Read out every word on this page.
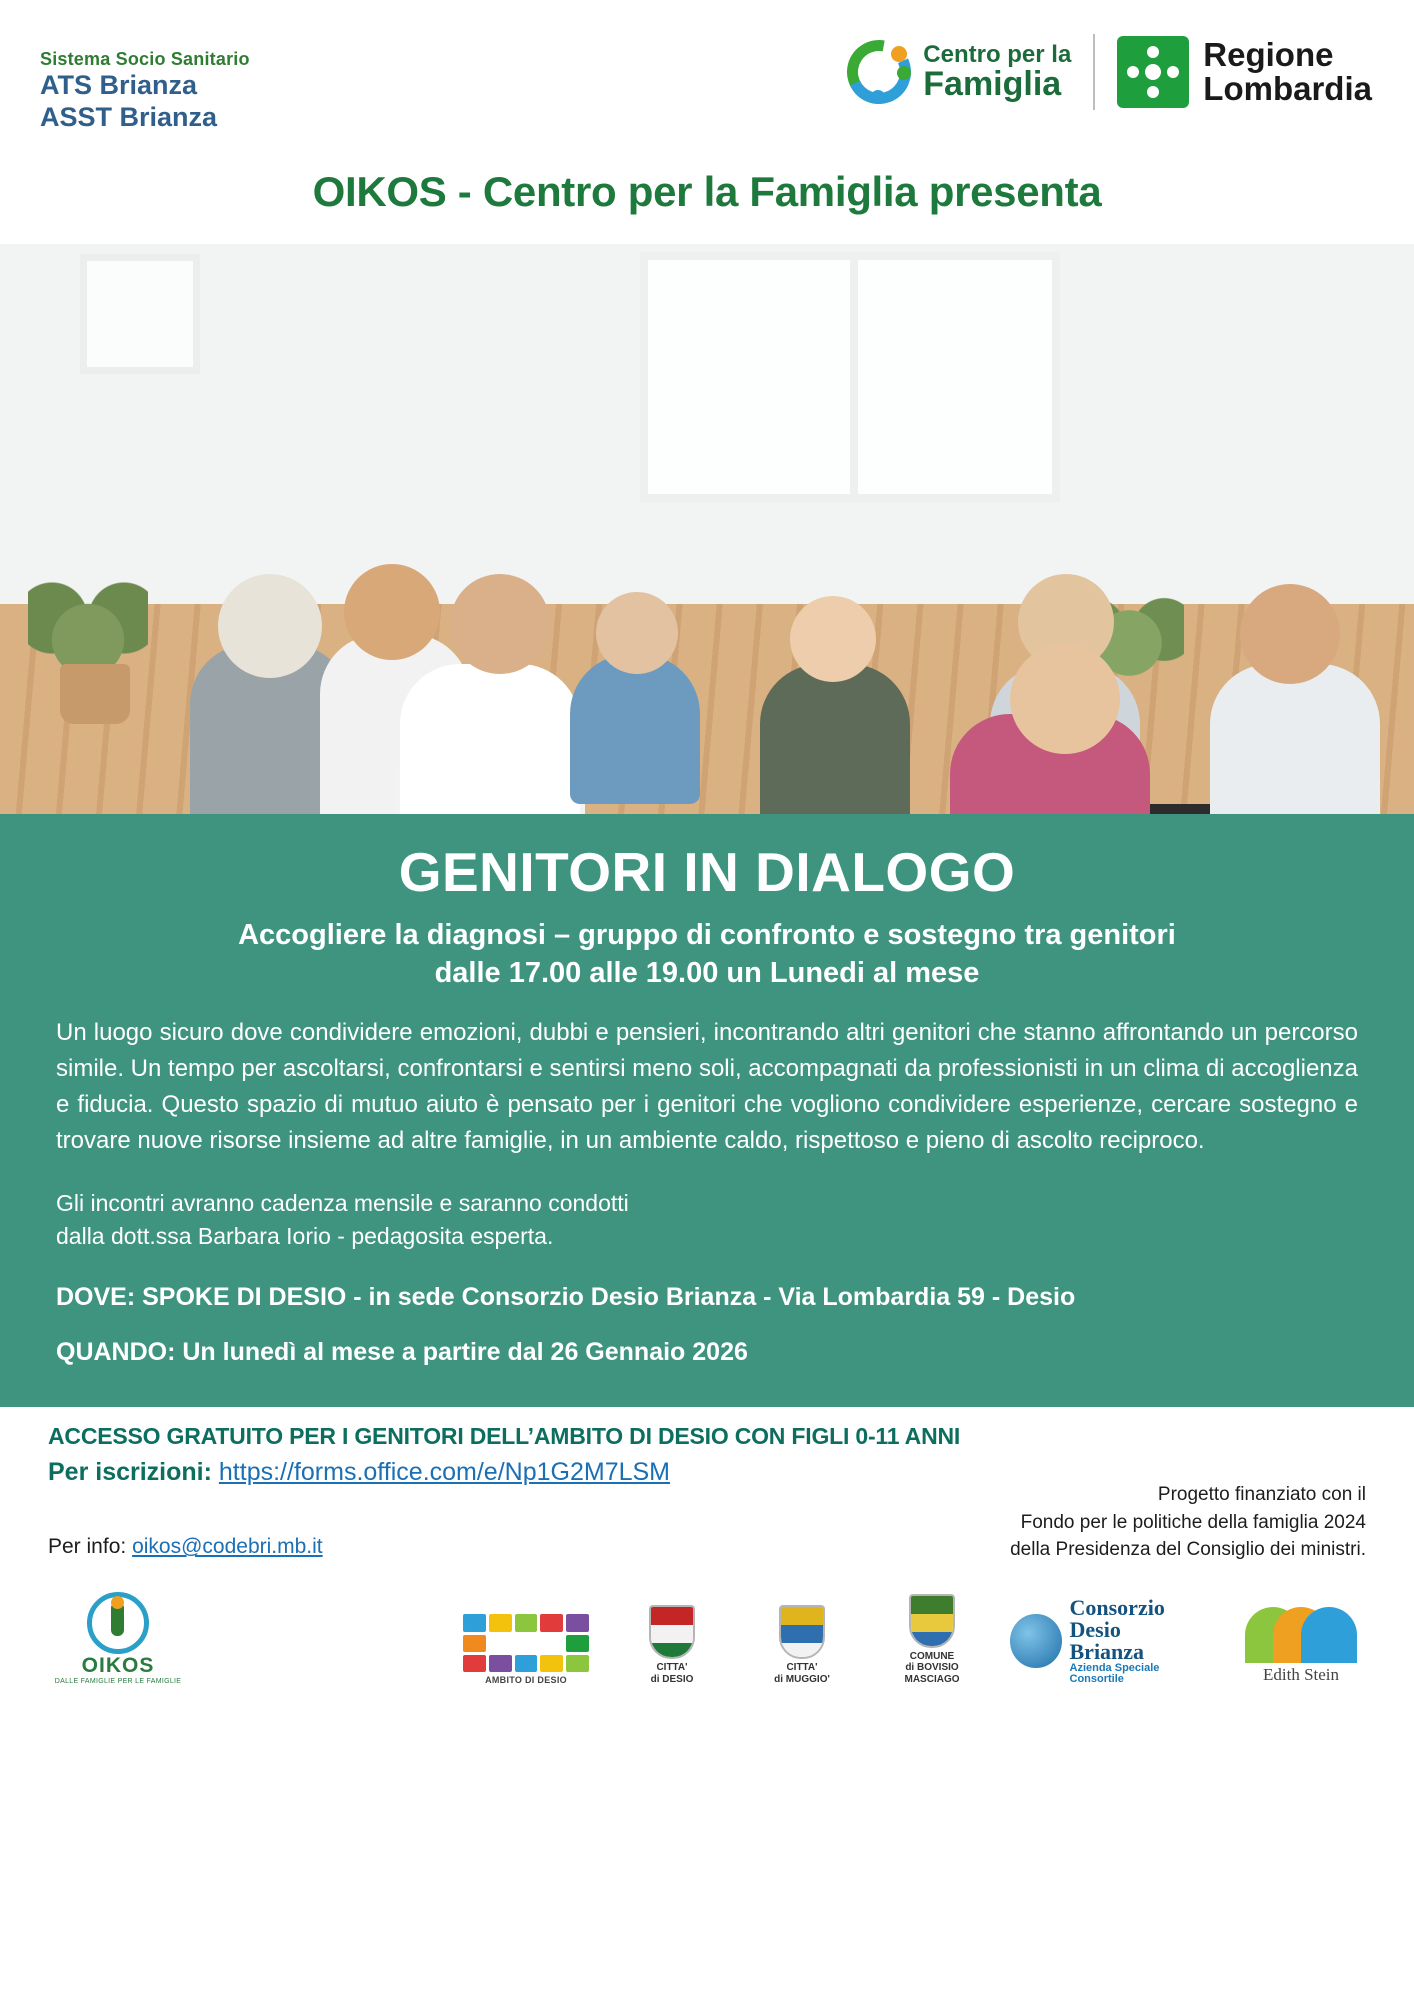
Sistema Socio Sanitario
ATS Brianza
ASST Brianza
Centro per la
Famiglia
Regione
Lombardia
OIKOS - Centro per la Famiglia presenta
GENITORI IN DIALOGO
Accogliere la diagnosi – gruppo di confronto e sostegno tra genitori
dalle 17.00 alle 19.00 un Lunedi al mese
Un luogo sicuro dove condividere emozioni, dubbi e pensieri, incontrando altri genitori che stanno affrontando un percorso simile. Un tempo per ascoltarsi, confrontarsi e sentirsi meno soli, accompagnati da professionisti in un clima di accoglienza e fiducia. Questo spazio di mutuo aiuto è pensato per i genitori che vogliono condividere esperienze, cercare sostegno e trovare nuove risorse insieme ad altre famiglie, in un ambiente caldo, rispettoso e pieno di ascolto reciproco.
Gli incontri avranno cadenza mensile e saranno condotti
dalla dott.ssa Barbara Iorio - pedagosita esperta.
DOVE: SPOKE DI DESIO - in sede Consorzio Desio Brianza - Via Lombardia 59 - Desio
QUANDO: Un lunedì al mese a partire dal 26 Gennaio 2026
ACCESSO GRATUITO PER I GENITORI DELL’AMBITO DI DESIO CON FIGLI 0-11 ANNI
Per iscrizioni: https://forms.office.com/e/Np1G2M7LSM
Progetto finanziato con il
Fondo per le politiche della famiglia 2024
della Presidenza del Consiglio dei ministri.
Per info: oikos@codebri.mb.it
OIKOS
DALLE FAMIGLIE PER LE FAMIGLIE	AMBITO DI DESIO
CITTA'
di DESIO
CITTA'
di MUGGIO'
COMUNE
di BOVISIO
MASCIAGO
Consorzio
Desio
Brianza
Azienda Speciale Consortile	Edith Stein
